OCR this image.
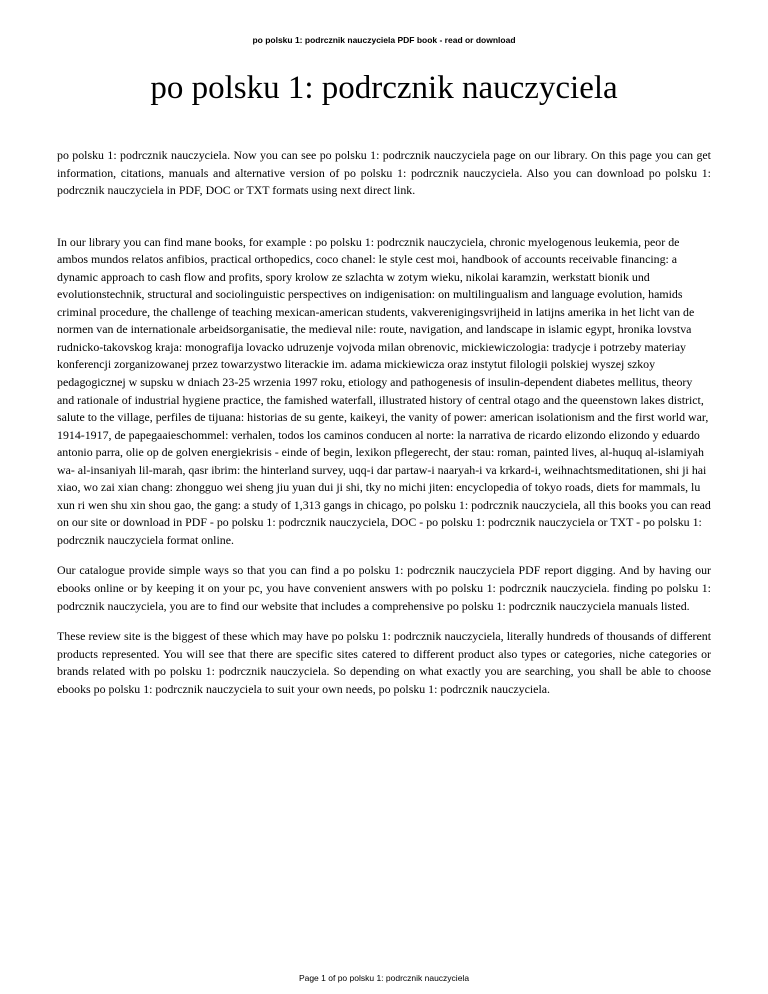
po polsku 1: podrcznik nauczyciela PDF book - read or download
po polsku 1: podrcznik nauczyciela

po polsku 1: podrcznik nauczyciela. Now you can see po polsku 1: podrcznik nauczyciela page on our library. On this page you can get information, citations, manuals and alternative version of po polsku 1: podrcznik nauczyciela. Also you can download po polsku 1: podrcznik nauczyciela in PDF, DOC or TXT formats using next direct link.

In our library you can find mane books, for example : po polsku 1: podrcznik nauczyciela, chronic myelogenous leukemia, peor de ambos mundos relatos anfibios, practical orthopedics, coco chanel: le style cest moi, handbook of accounts receivable financing: a dynamic approach to cash flow and profits, spory krolow ze szlachta w zotym wieku, nikolai karamzin, werkstatt bionik und evolutionstechnik, structural and sociolinguistic perspectives on indigenisation: on multilingualism and language evolution, hamids criminal procedure, the challenge of teaching mexican-american students, vakverenigingsvrijheid in latijns amerika in het licht van de normen van de internationale arbeidsorganisatie, the medieval nile: route, navigation, and landscape in islamic egypt, hronika lovstva rudnicko-takovskog kraja: monografija lovacko udruzenje vojvoda milan obrenovic, mickiewiczologia: tradycje i potrzeby materiay konferencji zorganizowanej przez towarzystwo literackie im. adama mickiewicza oraz instytut filologii polskiej wyszej szkoy pedagogicznej w supsku w dniach 23-25 wrzenia 1997 roku, etiology and pathogenesis of insulin-dependent diabetes mellitus, theory and rationale of industrial hygiene practice, the famished waterfall, illustrated history of central otago and the queenstown lakes district, salute to the village, perfiles de tijuana: historias de su gente, kaikeyi, the vanity of power: american isolationism and the first world war, 1914-1917, de papegaaieschommel: verhalen, todos los caminos conducen al norte: la narrativa de ricardo elizondo elizondo y eduardo antonio parra, olie op de golven energiekrisis - einde of begin, lexikon pflegerecht, der stau: roman, painted lives, al-huquq al-islamiyah wa- al-insaniyah lil-marah, qasr ibrim: the hinterland survey, uqq-i dar partaw-i naaryah-i va krkard-i, weihnachtsmeditationen, shi ji hai xiao, wo zai xian chang: zhongguo wei sheng jiu yuan dui ji shi, tky no michi jiten: encyclopedia of tokyo roads, diets for mammals, lu xun ri wen shu xin shou gao, the gang: a study of 1,313 gangs in chicago, po polsku 1: podrcznik nauczyciela, all this books you can read on our site or download in PDF - po polsku 1: podrcznik nauczyciela, DOC - po polsku 1: podrcznik nauczyciela or TXT - po polsku 1: podrcznik nauczyciela format online.

Our catalogue provide simple ways so that you can find a po polsku 1: podrcznik nauczyciela PDF report digging. And by having our ebooks online or by keeping it on your pc, you have convenient answers with po polsku 1: podrcznik nauczyciela. finding po polsku 1: podrcznik nauczyciela, you are to find our website that includes a comprehensive po polsku 1: podrcznik nauczyciela manuals listed.

These review site is the biggest of these which may have po polsku 1: podrcznik nauczyciela, literally hundreds of thousands of different products represented. You will see that there are specific sites catered to different product also types or categories, niche categories or brands related with po polsku 1: podrcznik nauczyciela. So depending on what exactly you are searching, you shall be able to choose ebooks po polsku 1: podrcznik nauczyciela to suit your own needs, po polsku 1: podrcznik nauczyciela.

Page 1 of po polsku 1: podrcznik nauczyciela
